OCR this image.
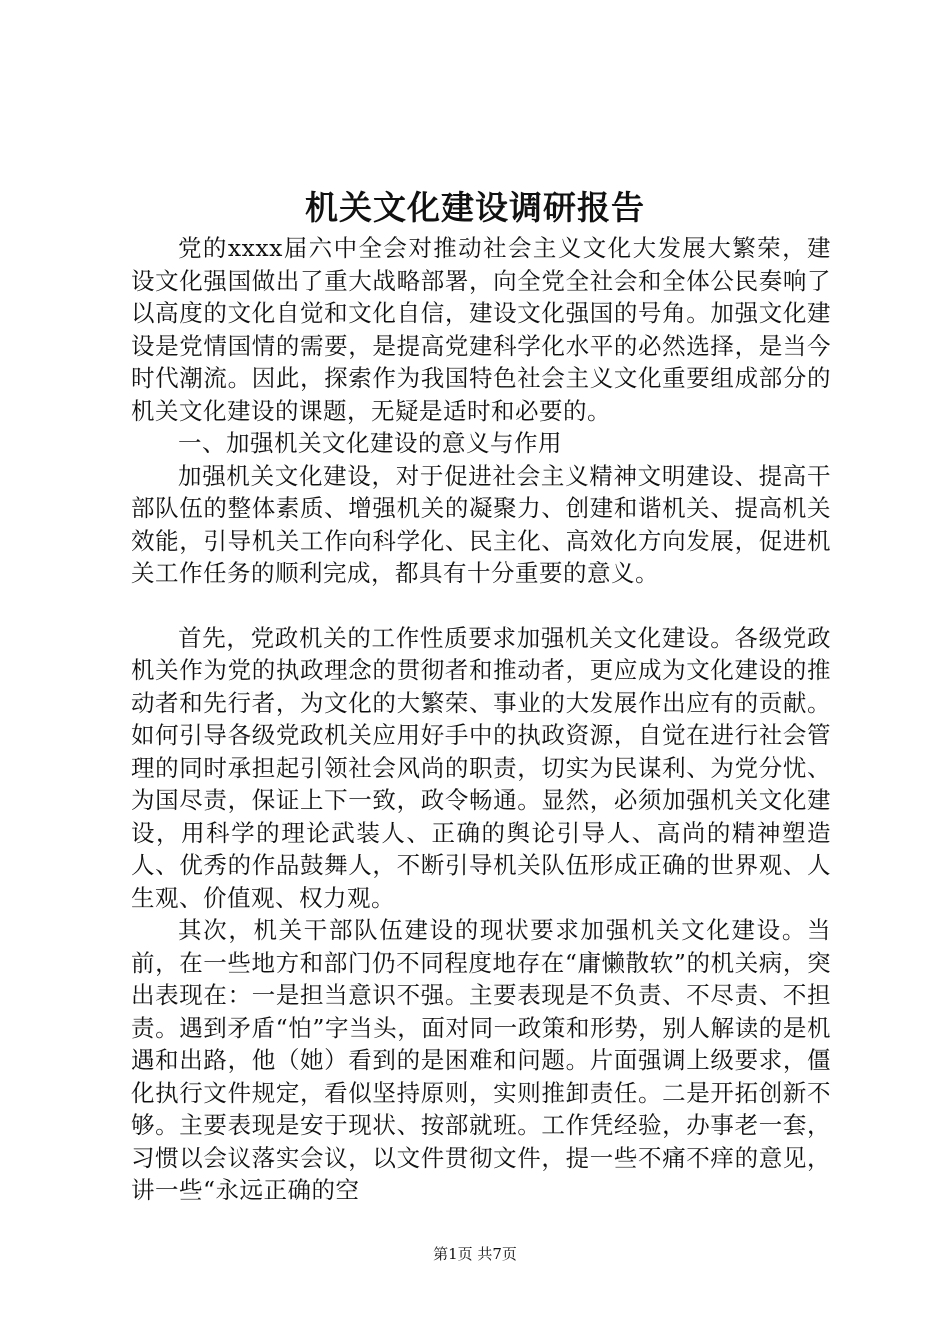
机关文化建设调研报告

党的xxxx届六中全会对推动社会主义文化大发展大繁荣，建设文化强国做出了重大战略部署，向全党全社会和全体公民奏响了以高度的文化自觉和文化自信，建设文化强国的号角。加强文化建设是党情国情的需要，是提高党建科学化水平的必然选择，是当今时代潮流。因此，探索作为我国特色社会主义文化重要组成部分的机关文化建设的课题，无疑是适时和必要的。

一、加强机关文化建设的意义与作用

加强机关文化建设，对于促进社会主义精神文明建设、提高干部队伍的整体素质、增强机关的凝聚力、创建和谐机关、提高机关效能，引导机关工作向科学化、民主化、高效化方向发展，促进机关工作任务的顺利完成，都具有十分重要的意义。

首先，党政机关的工作性质要求加强机关文化建设。各级党政机关作为党的执政理念的贯彻者和推动者，更应成为文化建设的推动者和先行者，为文化的大繁荣、事业的大发展作出应有的贡献。如何引导各级党政机关应用好手中的执政资源，自觉在进行社会管理的同时承担起引领社会风尚的职责，切实为民谋利、为党分忧、为国尽责，保证上下一致，政令畅通。显然，必须加强机关文化建设，用科学的理论武装人、正确的舆论引导人、高尚的精神塑造人、优秀的作品鼓舞人，不断引导机关队伍形成正确的世界观、人生观、价值观、权力观。

其次，机关干部队伍建设的现状要求加强机关文化建设。当前，在一些地方和部门仍不同程度地存在“庸懒散软”的机关病，突出表现在：一是担当意识不强。主要表现是不负责、不尽责、不担责。遇到矛盾“怕”字当头，面对同一政策和形势，别人解读的是机遇和出路，他（她）看到的是困难和问题。片面强调上级要求，僵化执行文件规定，看似坚持原则，实则推卸责任。二是开拓创新不够。主要表现是安于现状、按部就班。工作凭经验，办事老一套，习惯以会议落实会议，以文件贯彻文件，提一些不痛不痒的意见，讲一些“永远正确的空

第1页 共7页
